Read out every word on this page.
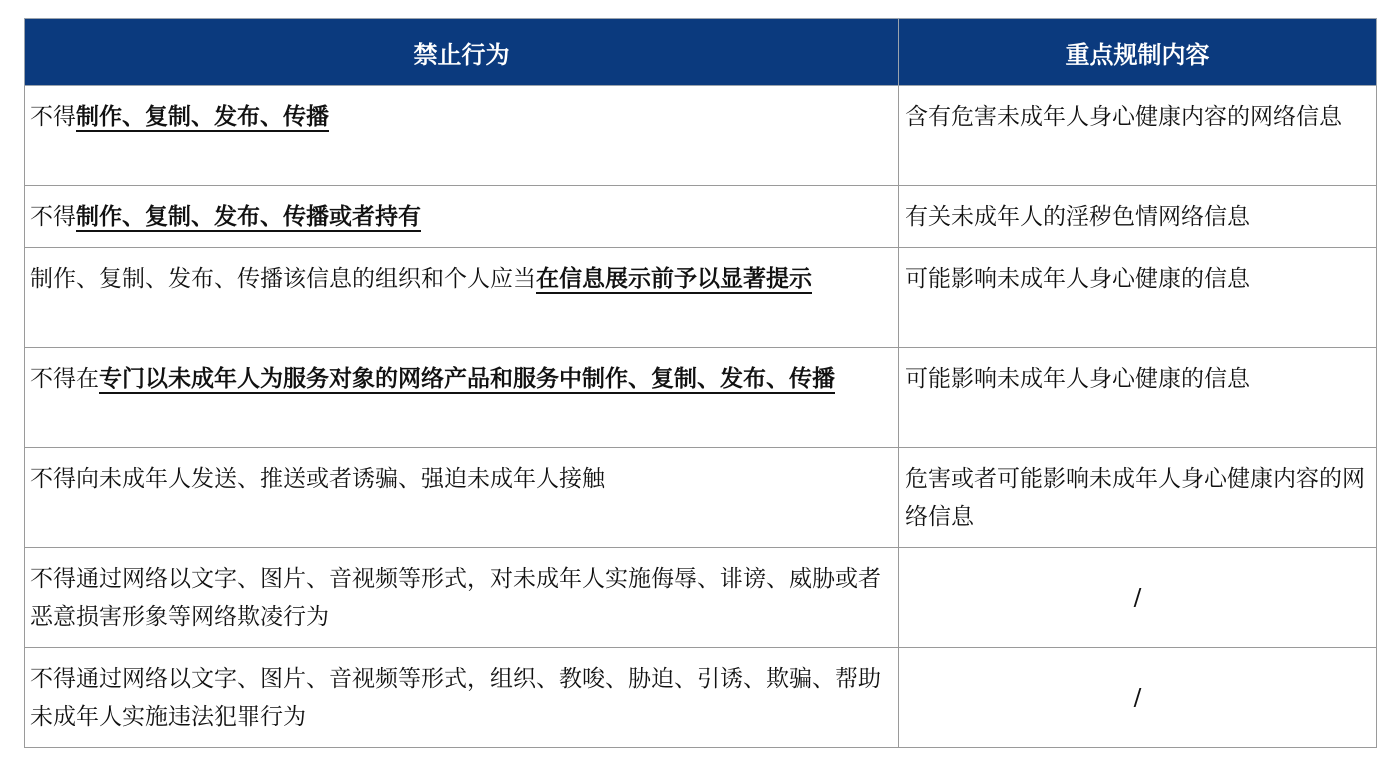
禁止行为	重点规制内容
不得制作、复制、发布、传播	含有危害未成年人身心健康内容的网络信息
不得制作、复制、发布、传播或者持有	有关未成年人的淫秽色情网络信息
制作、复制、发布、传播该信息的组织和个人应当在信息展示前予以显著提示	可能影响未成年人身心健康的信息
不得在专门以未成年人为服务对象的网络产品和服务中制作、复制、发布、传播	可能影响未成年人身心健康的信息
不得向未成年人发送、推送或者诱骗、强迫未成年人接触	危害或者可能影响未成年人身心健康内容的网络信息
不得通过网络以文字、图片、音视频等形式，对未成年人实施侮辱、诽谤、威胁或者恶意损害形象等网络欺凌行为	/
不得通过网络以文字、图片、音视频等形式，组织、教唆、胁迫、引诱、欺骗、帮助未成年人实施违法犯罪行为	/
